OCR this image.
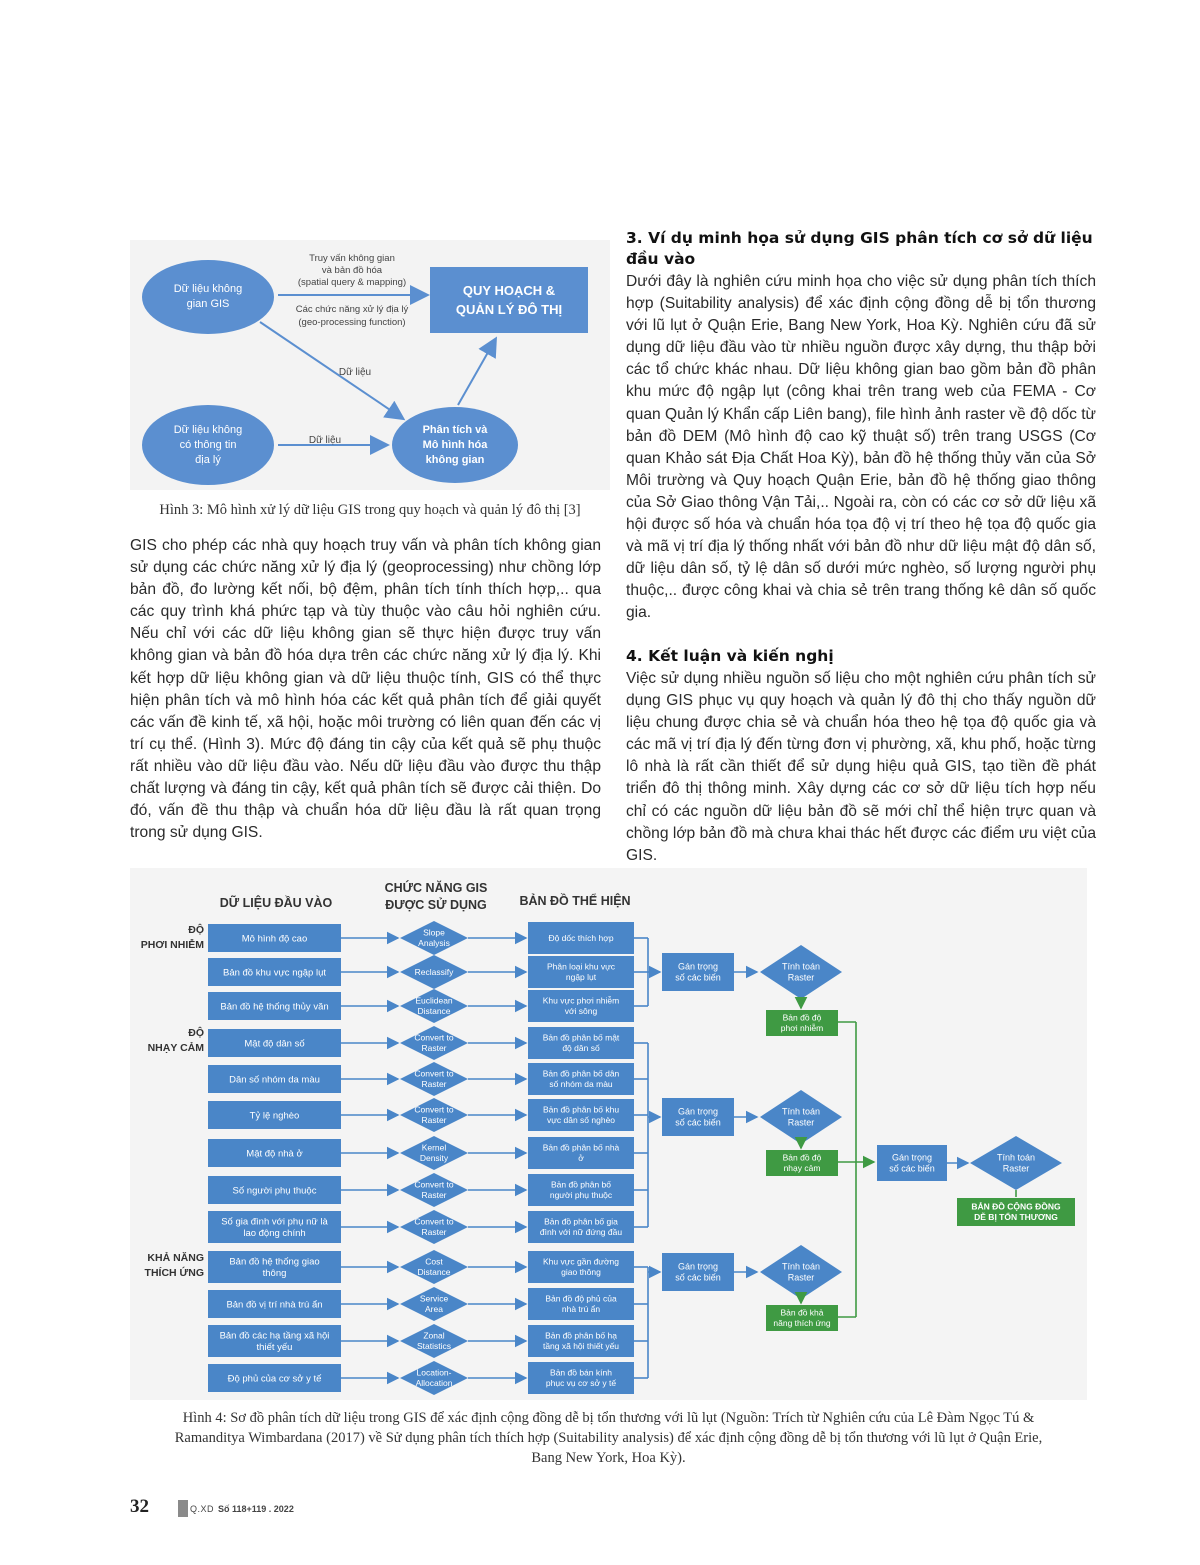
Dữ liệu không
gian GIS
Dữ liệu không
có thông tin
địa lý
Phân tích và
Mô hình hóa
không gian
QUY HOẠCH &
QUẢN LÝ ĐÔ THỊ
Truy vấn không gian
và bản đồ hóa
(spatial query & mapping)
Các chức năng xử lý địa lý
(geo-processing function)
Dữ liệu
Dữ liệu
Hình 3: Mô hình xử lý dữ liệu GIS trong quy hoạch và quản lý đô thị [3]

GIS cho phép các nhà quy hoạch truy vấn và phân tích không gian sử dụng các chức năng xử lý địa lý (geoprocessing) như chồng lớp bản đồ, đo lường kết nối, bộ đệm, phân tích tính thích hợp,.. qua các quy trình khá phức tạp và tùy thuộc vào câu hỏi nghiên cứu. Nếu chỉ với các dữ liệu không gian sẽ thực hiện được truy vấn không gian và bản đồ hóa dựa trên các chức năng xử lý địa lý. Khi kết hợp dữ liệu không gian và dữ liệu thuộc tính, GIS có thể thực hiện phân tích và mô hình hóa các kết quả phân tích để giải quyết các vấn đề kinh tế, xã hội, hoặc môi trường có liên quan đến các vị trí cụ thể. (Hình 3). Mức độ đáng tin cậy của kết quả sẽ phụ thuộc rất nhiều vào dữ liệu đầu vào. Nếu dữ liệu đầu vào được thu thập chất lượng và đáng tin cậy, kết quả phân tích sẽ được cải thiện. Do đó, vấn đề thu thập và chuẩn hóa dữ liệu đầu là rất quan trọng trong sử dụng GIS.

3. Ví dụ minh họa sử dụng GIS phân tích cơ sở dữ liệu đầu vào

Dưới đây là nghiên cứu minh họa cho việc sử dụng phân tích thích hợp (Suitability analysis) để xác định cộng đồng dễ bị tổn thương với lũ lụt ở Quận Erie, Bang New York, Hoa Kỳ. Nghiên cứu đã sử dụng dữ liệu đầu vào từ nhiều nguồn được xây dựng, thu thập bởi các tổ chức khác nhau. Dữ liệu không gian bao gồm bản đồ phân khu mức độ ngập lụt (công khai trên trang web của FEMA - Cơ quan Quản lý Khẩn cấp Liên bang), file hình ảnh raster về độ dốc từ bản đồ DEM (Mô hình độ cao kỹ thuật số) trên trang USGS (Cơ quan Khảo sát Địa Chất Hoa Kỳ), bản đồ hệ thống thủy văn của Sở Môi trường và Quy hoạch Quận Erie, bản đồ hệ thống giao thông của Sở Giao thông Vận Tải,.. Ngoài ra, còn có các cơ sở dữ liệu xã hội được số hóa và chuẩn hóa tọa độ vị trí theo hệ tọa độ quốc gia và mã vị trí địa lý thống nhất với bản đồ như dữ liệu mật độ dân số, dữ liệu dân số, tỷ lệ dân số dưới mức nghèo, số lượng người phụ thuộc,.. được công khai và chia sẻ trên trang thống kê dân số quốc gia.

4. Kết luận và kiến nghị

Việc sử dụng nhiều nguồn số liệu cho một nghiên cứu phân tích sử dụng GIS phục vụ quy hoạch và quản lý đô thị cho thấy nguồn dữ liệu chung được chia sẻ và chuẩn hóa theo hệ tọa độ quốc gia và các mã vị trí địa lý đến từng đơn vị phường, xã, khu phố, hoặc từng lô nhà là rất cần thiết để sử dụng hiệu quả GIS, tạo tiền đề phát triển đô thị thông minh. Xây dựng các cơ sở dữ liệu tích hợp nếu chỉ có các nguồn dữ liệu bản đồ sẽ mới chỉ thể hiện trực quan và chồng lớp bản đồ mà chưa khai thác hết được các điểm ưu việt của GIS.

DỮ LIỆU ĐẦU VÀO
CHỨC NĂNG GIS
ĐƯỢC SỬ DỤNG	BẢN ĐỒ THỂ HIỆN
ĐỘ
PHƠI NHIỄM
ĐỘ
NHẠY CẢM
KHẢ NĂNG
THÍCH ỨNG
Mô hình độ cao
Slope
Analysis
Độ dốc thích hợp
Bản đồ khu vực ngập lụt	Reclassify
Phân loại khu vực
ngập lụt
Bản đồ hệ thống thủy văn
Euclidean
Distance
Khu vực phơi nhiễm
với sông
Mật độ dân số
Convert to
Raster
Bản đồ phân bố mật
độ dân số
Dân số nhóm da màu
Convert to
Raster
Bản đồ phân bố dân
số nhóm da màu
Tỷ lệ nghèo
Convert to
Raster
Bản đồ phân bố khu
vực dân số nghèo
Mật độ nhà ở
Kernel
Density
Bản đồ phân bố nhà
ở
Số người phụ thuộc
Convert to
Raster
Bản đồ phân bố
người phụ thuộc
Số gia đình với phụ nữ là
lao động chính
Convert to
Raster
Bản đồ phân bố gia
đình với nữ đứng đầu
Bản đồ hệ thống giao
thông
Cost
Distance
Khu vực gần đường
giao thông
Bản đồ vị trí nhà trú ẩn
Service
Area
Bản đồ độ phủ của
nhà trú ẩn
Bản đồ các hạ tầng xã hội
thiết yếu
Zonal
Statistics
Bản đồ phân bố hạ
tầng xã hội thiết yếu
Độ phủ của cơ sở y tế
Location-
Allocation
Bản đồ bán kính
phục vụ cơ sở y tế
Gán trọng
số các biến
Tính toán
Raster
Bản đồ độ
phơi nhiễm
Gán trọng
số các biến
Tính toán
Raster
Bản đồ độ
nhạy cảm
Gán trọng
số các biến
Tính toán
Raster
Bản đồ khả
năng thích ứng
Gán trọng
số các biến
Tính toán
Raster
BẢN ĐỒ CỘNG ĐỒNG
DỄ BỊ TỔN THƯƠNG
Hình 4: Sơ đồ phân tích dữ liệu trong GIS để xác định cộng đồng dễ bị tổn thương với lũ lụt (Nguồn: Trích từ Nghiên cứu của Lê Đàm Ngọc Tú &
Ramanditya Wimbardana (2017) về Sử dụng phân tích thích hợp (Suitability analysis) để xác định cộng đồng dễ bị tổn thương với lũ lụt ở Quận Erie,
Bang New York, Hoa Kỳ).
32	Q.XD Số 118+119 . 2022
